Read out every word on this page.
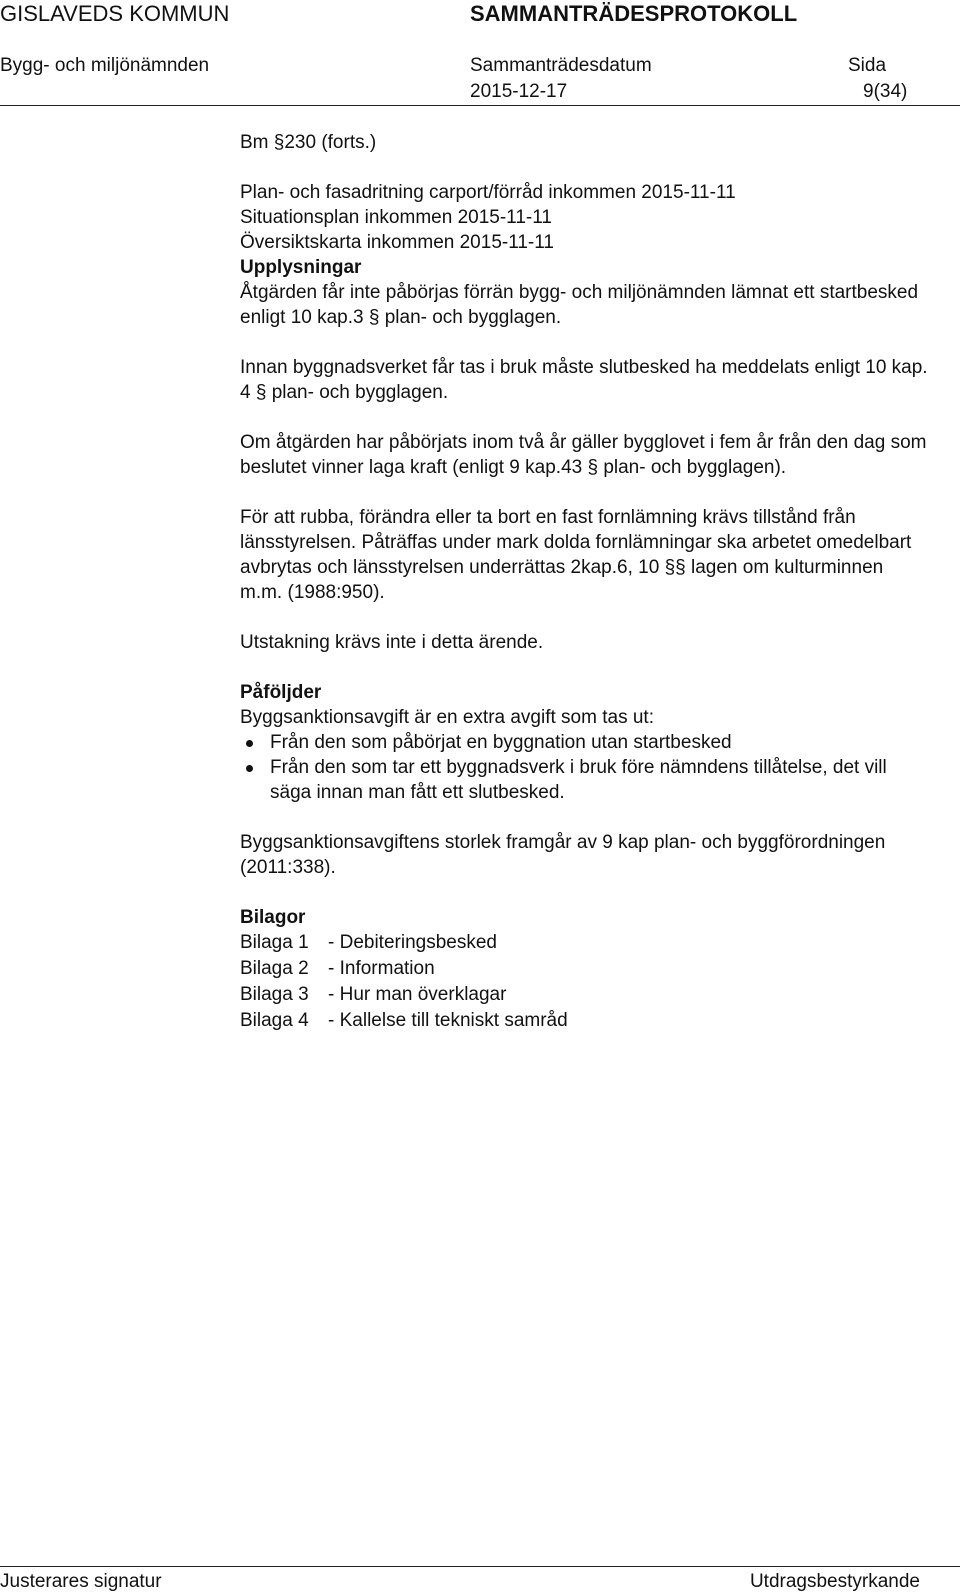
GISLAVEDS KOMMUN	SAMMANTRÄDESPROTOKOLL
Bygg- och miljönämnden	Sammanträdesdatum	Sida
2015-12-17	9(34)

Bm §230 (forts.)

Plan- och fasadritning carport/förråd inkommen 2015-11-11

Situationsplan inkommen 2015-11-11

Översiktskarta inkommen 2015-11-11

Upplysningar

Åtgärden får inte påbörjas förrän bygg- och miljönämnden lämnat ett startbesked enligt 10 kap.3 § plan- och bygglagen.

Innan byggnadsverket får tas i bruk måste slutbesked ha meddelats enligt 10 kap. 4 § plan- och bygglagen.

Om åtgärden har påbörjats inom två år gäller bygglovet i fem år från den dag som beslutet vinner laga kraft (enligt 9 kap.43 § plan- och bygglagen).

För att rubba, förändra eller ta bort en fast fornlämning krävs tillstånd från länsstyrelsen. Påträffas under mark dolda fornlämningar ska arbetet omedelbart avbrytas och länsstyrelsen underrättas 2kap.6, 10 §§ lagen om kulturminnen m.m. (1988:950).

Utstakning krävs inte i detta ärende.

Påföljder

Byggsanktionsavgift är en extra avgift som tas ut:

Från den som påbörjat en byggnation utan startbesked
Från den som tar ett byggnadsverk i bruk före nämndens tillåtelse, det vill säga innan man fått ett slutbesked.

Byggsanktionsavgiftens storlek framgår av 9 kap plan- och byggförordningen (2011:338).

Bilagor

Bilaga 1	- Debiteringsbesked
Bilaga 2	- Information
Bilaga 3	- Hur man överklagar
Bilaga 4	- Kallelse till tekniskt samråd
Justerares signatur	Utdragsbestyrkande
